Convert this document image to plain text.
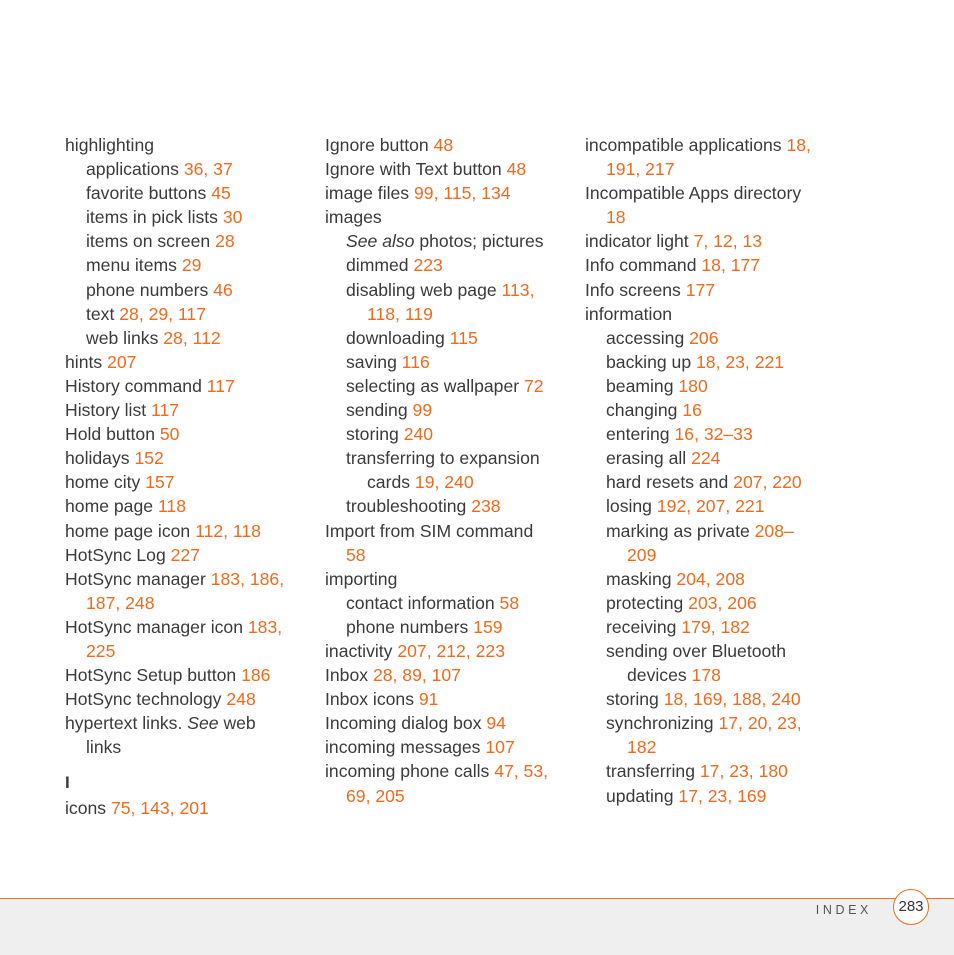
highlighting
applications 36, 37
favorite buttons 45
items in pick lists 30
items on screen 28
menu items 29
phone numbers 46
text 28, 29, 117
web links 28, 112
hints 207
History command 117
History list 117
Hold button 50
holidays 152
home city 157
home page 118
home page icon 112, 118
HotSync Log 227
HotSync manager 183, 186,
187, 248
HotSync manager icon 183,
225
HotSync Setup button 186
HotSync technology 248
hypertext links. See web
links
I
icons 75, 143, 201
Ignore button 48
Ignore with Text button 48
image files 99, 115, 134
images
See also photos; pictures
dimmed 223
disabling web page 113,
118, 119
downloading 115
saving 116
selecting as wallpaper 72
sending 99
storing 240
transferring to expansion
cards 19, 240
troubleshooting 238
Import from SIM command
58
importing
contact information 58
phone numbers 159
inactivity 207, 212, 223
Inbox 28, 89, 107
Inbox icons 91
Incoming dialog box 94
incoming messages 107
incoming phone calls 47, 53,
69, 205
incompatible applications 18,
191, 217
Incompatible Apps directory
18
indicator light 7, 12, 13
Info command 18, 177
Info screens 177
information
accessing 206
backing up 18, 23, 221
beaming 180
changing 16
entering 16, 32–33
erasing all 224
hard resets and 207, 220
losing 192, 207, 221
marking as private 208–
209
masking 204, 208
protecting 203, 206
receiving 179, 182
sending over Bluetooth
devices 178
storing 18, 169, 188, 240
synchronizing 17, 20, 23,
182
transferring 17, 23, 180
updating 17, 23, 169
INDEX	283
